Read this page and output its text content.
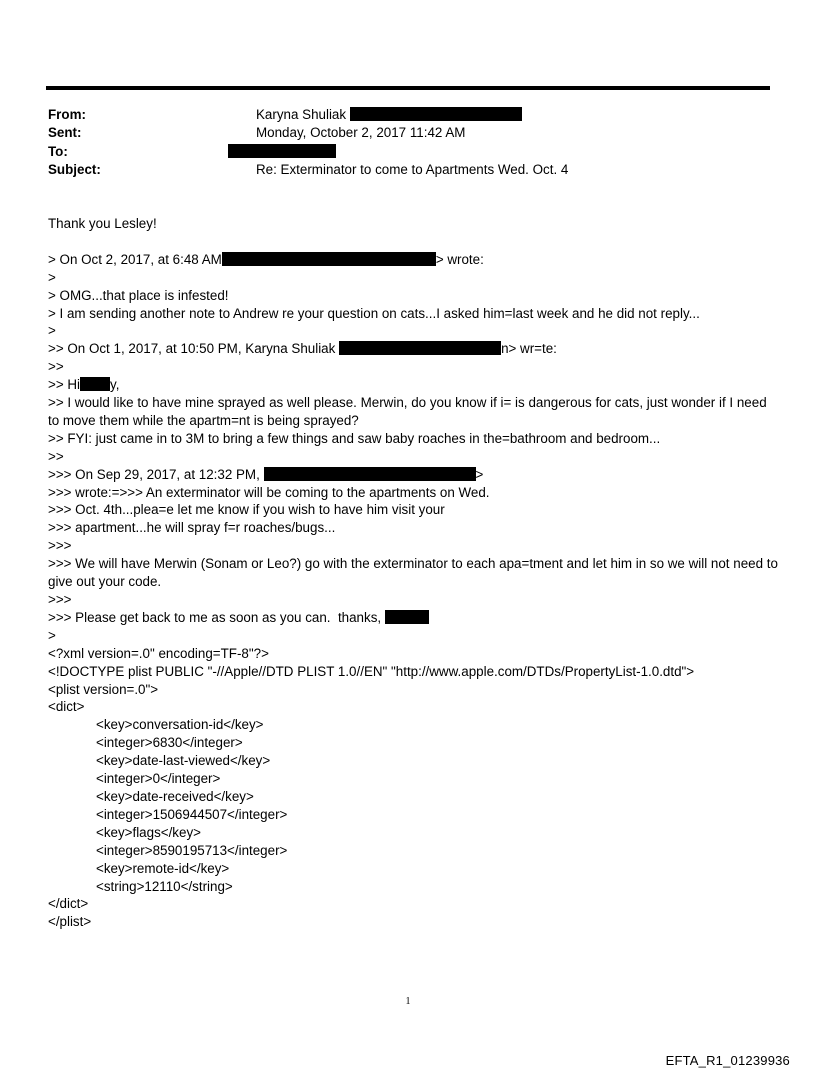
From:	Karyna Shuliak
Sent:	Monday, October 2, 2017 11:42 AM
To:
Subject:	Re: Exterminator to come to Apartments Wed. Oct. 4
Thank you Lesley!
> On Oct 2, 2017, at 6:48 AM	> wrote:
>
> OMG...that place is infested!
> I am sending another note to Andrew re your question on cats...I asked him=last week and he did not reply...
>
>> On Oct 1, 2017, at 10:50 PM, Karyna Shuliak	n> wr=te:
>>
>> Hi y,
>> I would like to have mine sprayed as well please. Merwin, do you know if i= is dangerous for cats, just wonder if I need to move them while the apartm=nt is being sprayed?
>> FYI: just came in to 3M to bring a few things and saw baby roaches in the=bathroom and bedroom...
>>
>>> On Sep 29, 2017, at 12:32 PM,	>
>>> wrote:=>>> An exterminator will be coming to the apartments on Wed.
>>> Oct. 4th...plea=e let me know if you wish to have him visit your
>>> apartment...he will spray f=r roaches/bugs...
>>>
>>> We will have Merwin (Sonam or Leo?) go with the exterminator to each apa=tment and let him in so we will not need to give out your code.
>>>
>>> Please get back to me as soon as you can.  thanks,
>
<?xml version=.0" encoding=TF-8"?>
<!DOCTYPE plist PUBLIC "-//Apple//DTD PLIST 1.0//EN" "http://www.apple.com/DTDs/PropertyList-1.0.dtd">
<plist version=.0">
<dict>
<key>conversation-id</key>
<integer>6830</integer>
<key>date-last-viewed</key>
<integer>0</integer>
<key>date-received</key>
<integer>1506944507</integer>
<key>flags</key>
<integer>8590195713</integer>
<key>remote-id</key>
<string>12110</string>
</dict>
</plist>
1
EFTA_R1_01239936
